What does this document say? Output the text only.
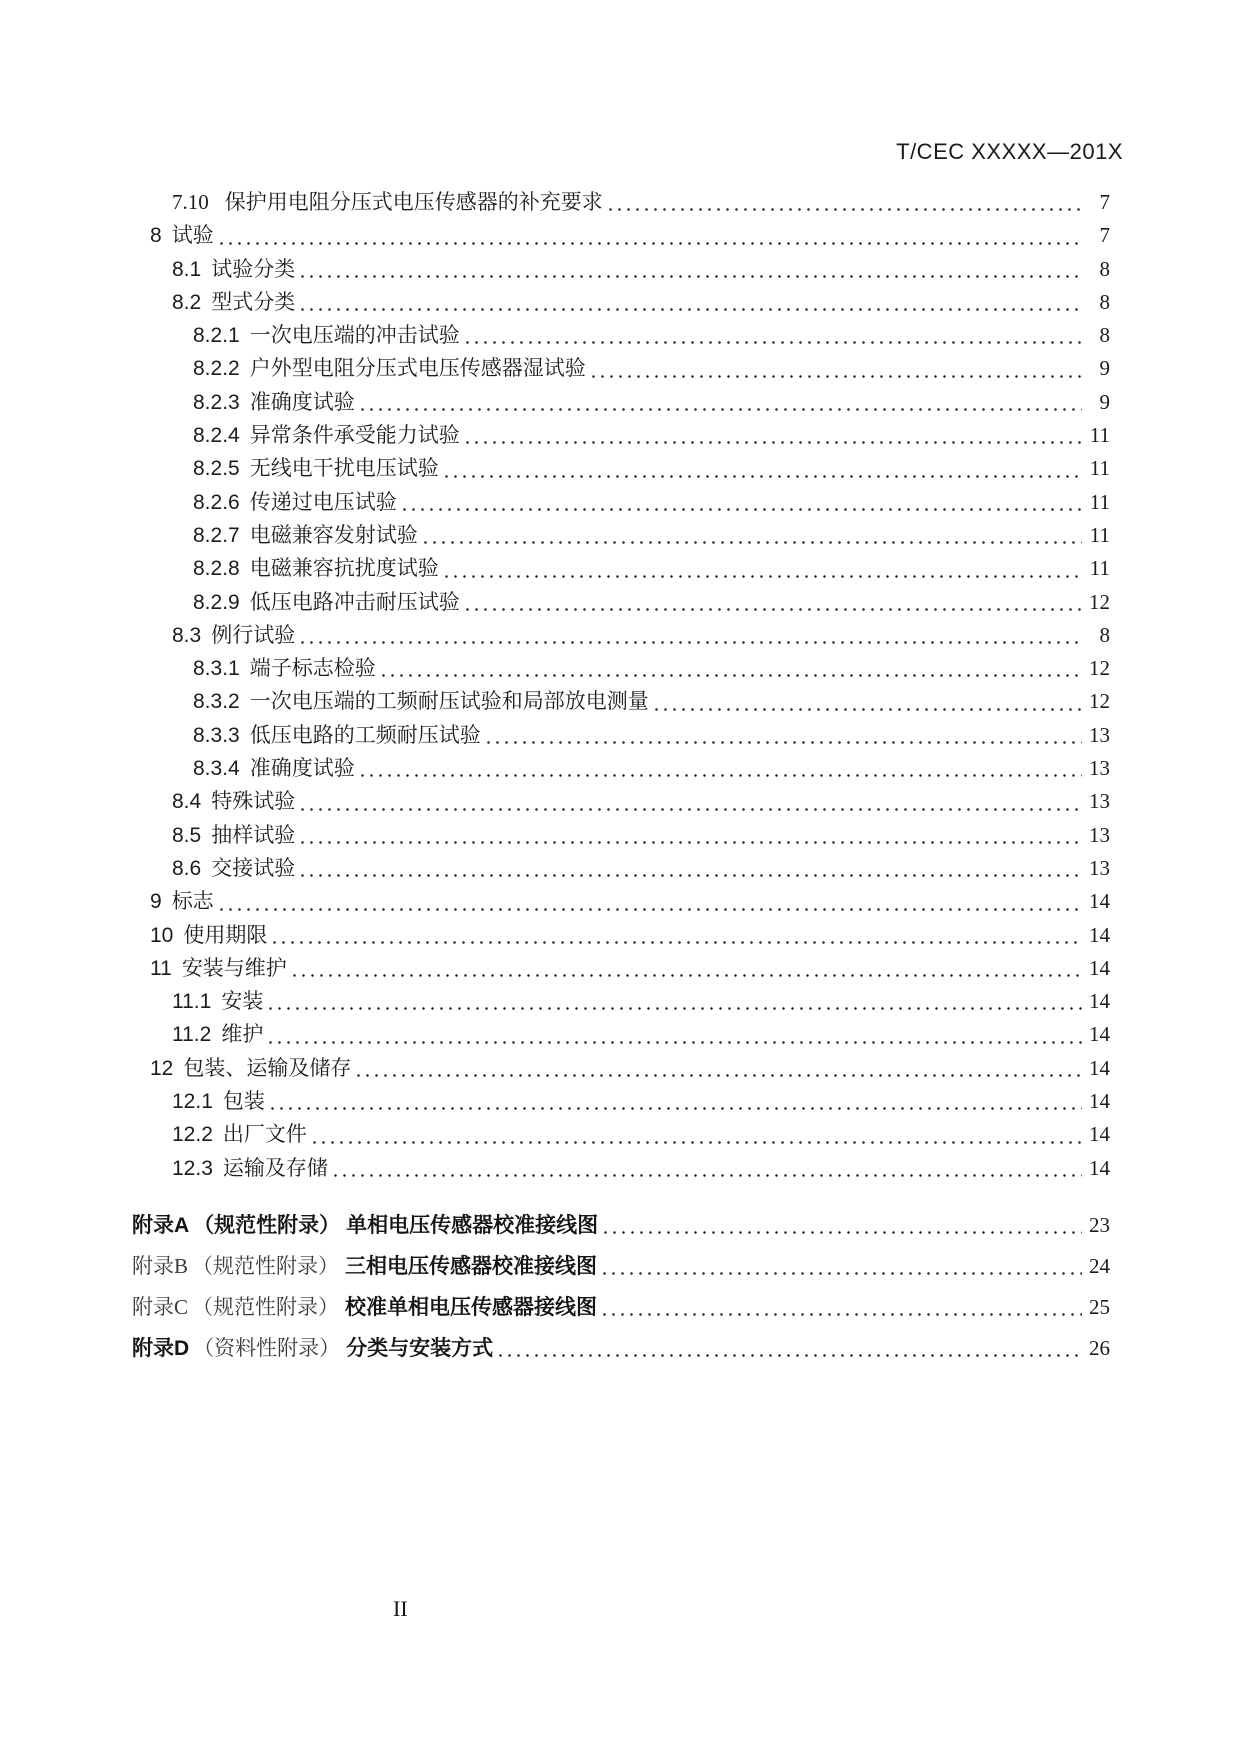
T/CEC XXXXX—201X
7.10 保护用电阻分压式电压传感器的补充要求	7
8 试验	7
8.1 试验分类	8
8.2 型式分类	8
8.2.1 一次电压端的冲击试验	8
8.2.2 户外型电阻分压式电压传感器湿试验	9
8.2.3 准确度试验	9
8.2.4 异常条件承受能力试验	11
8.2.5 无线电干扰电压试验	11
8.2.6 传递过电压试验	11
8.2.7 电磁兼容发射试验	11
8.2.8 电磁兼容抗扰度试验	11
8.2.9 低压电路冲击耐压试验	12
8.3 例行试验	8
8.3.1 端子标志检验	12
8.3.2 一次电压端的工频耐压试验和局部放电测量	12
8.3.3 低压电路的工频耐压试验	13
8.3.4 准确度试验	13
8.4 特殊试验	13
8.5 抽样试验	13
8.6 交接试验	13
9 标志	14
10 使用期限	14
11 安装与维护	14
11.1 安装	14
11.2 维护	14
12 包装、运输及储存	14
12.1 包装	14
12.2 出厂文件	14
12.3 运输及存储	14
附录A （规范性附录） 单相电压传感器校准接线图	23
附录B （规范性附录） 三相电压传感器校准接线图	24
附录C （规范性附录） 校准单相电压传感器接线图	25
附录D （资料性附录） 分类与安装方式	26
II
